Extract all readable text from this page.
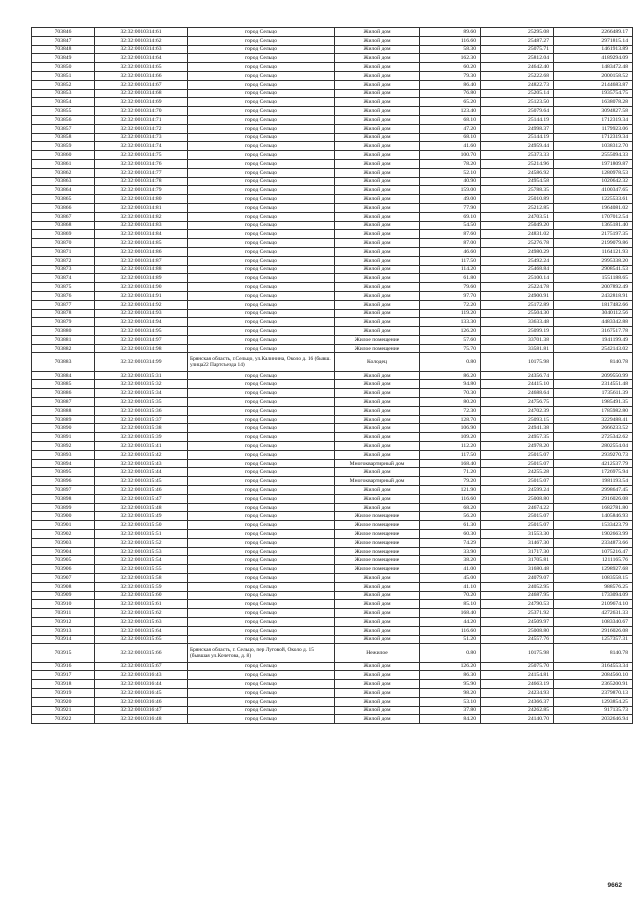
703846	32:32:0010314:61	город Сельцо	Жилой дом	89.60	25295.08	2266489.17
703847	32:32:0010314:62	город Сельцо	Жилой дом	116.60	25487.27	2971815.14
703848	32:32:0010314:63	город Сельцо	Жилой дом	58.30	25075.71	1461913.89
703849	32:32:0010314:64	город Сельцо	Жилой дом	162.30	25812.04	4189294.09
703850	32:32:0010314:65	город Сельцо	Жилой дом	60.20	24642.40	1483472.48
703851	32:32:0010314:66	город Сельцо	Жилой дом	79.30	25222.68	2000158.52
703852	32:32:0010314:67	город Сельцо	Жилой дом	86.40	24822.73	2144683.87
703853	32:32:0010314:68	город Сельцо	Жилой дом	76.80	25205.14	1935754.75
703854	32:32:0010314:69	город Сельцо	Жилой дом	65.20	25123.50	1638078.28
703855	32:32:0010314:70	город Сельцо	Жилой дом	123.40	25079.64	3094827.58
703856	32:32:0010314:71	город Сельцо	Жилой дом	68.10	25144.19	1712319.34
703857	32:32:0010314:72	город Сельцо	Жилой дом	47.20	24998.37	1179923.06
703858	32:32:0010314:73	город Сельцо	Жилой дом	68.10	25144.19	1712319.34
703859	32:32:0010314:74	город Сельцо	Жилой дом	41.60	24959.44	1038312.70
703860	32:32:0010314:75	город Сельцо	Жилой дом	100.70	25373.33	2555094.33
703861	32:32:0010314:76	город Сельцо	Жилой дом	78.20	25214.96	1971809.87
703862	32:32:0010314:77	город Сельцо	Жилой дом	52.10	24586.92	1280978.53
703863	32:32:0010314:78	город Сельцо	Жилой дом	40.90	24954.58	1020642.32
703864	32:32:0010314:79	город Сельцо	Жилой дом	159.00	25788.35	4100347.65
703865	32:32:0010314:80	город Сельцо	Жилой дом	49.00	25010.89	1225533.61
703866	32:32:0010314:81	город Сельцо	Жилой дом	77.90	25212.85	1964081.02
703867	32:32:0010314:82	город Сельцо	Жилой дом	69.10	24703.51	1707012.54
703868	32:32:0010314:83	город Сельцо	Жилой дом	54.50	25049.20	1365181.40
703869	32:32:0010314:84	город Сельцо	Жилой дом	87.60	24831.02	2175197.35
703870	32:32:0010314:85	город Сельцо	Жилой дом	87.00	25276.78	2199079.86
703871	32:32:0010314:86	город Сельцо	Жилой дом	46.60	24980.29	1164121.93
703872	32:32:0010314:87	город Сельцо	Жилой дом	117.50	25492.24	2995338.20
703873	32:32:0010314:88	город Сельцо	Жилой дом	114.20	25468.84	2908541.53
703874	32:32:0010314:89	город Сельцо	Жилой дом	61.80	25100.14	1551188.65
703875	32:32:0010314:90	город Сельцо	Жилой дом	79.60	25224.78	2007892.49
703876	32:32:0010314:91	город Сельцо	Жилой дом	97.70	24900.91	2432818.91
703877	32:32:0010314:92	город Сельцо	Жилой дом	72.20	25172.89	1817482.66
703878	32:32:0010314:93	город Сельцо	Жилой дом	119.20	25504.30	3040112.56
703879	32:32:0010314:94	город Сельцо	Жилой дом	133.30	33633.48	4483342.88
703880	32:32:0010314:95	город Сельцо	Жилой дом	126.20	25099.19	3167517.78
703881	32:32:0010314:97	город Сельцо	Жилое помещение	57.60	33701.38	1941199.49
703882	32:32:0010314:98	город Сельцо	Жилое помещение	75.70	33581.81	2542143.02
703883	32:32:0010314:99	Брянская область, г.Сельцо, ул.Калинина, Около д. 16 (бывш. улица22 Партсъезда 14)	Колодец	0.80	10175.98	8140.78
703884	32:32:0010315:31	город Сельцо	Жилой дом	86.20	24356.74	2099550.99
703885	32:32:0010315:32	город Сельцо	Жилой дом	94.80	24415.10	2314551.48
703886	32:32:0010315:34	город Сельцо	Жилой дом	70.30	24688.64	1735611.39
703887	32:32:0010315:35	город Сельцо	Жилой дом	80.20	24756.75	1985491.35
703888	32:32:0010315:36	город Сельцо	Жилой дом	72.30	24702.39	1785982.80
703889	32:32:0010315:37	город Сельцо	Жилой дом	128.70	25093.15	3229488.41
703890	32:32:0010315:38	город Сельцо	Жилой дом	106.90	24941.38	2666233.52
703891	32:32:0010315:39	город Сельцо	Жилой дом	109.20	24957.35	2725342.62
703892	32:32:0010315:41	город Сельцо	Жилой дом	112.20	24978.20	2802554.04
703893	32:32:0010315:42	город Сельцо	Жилой дом	117.50	25015.07	2939270.73
703894	32:32:0010315:43	город Сельцо	Многоквартирный дом	168.40	25015.07	4212537.79
703895	32:32:0010315:44	город Сельцо	Жилой дом	71.20	24255.28	1726975.94
703896	32:32:0010315:45	город Сельцо	Многоквартирный дом	79.20	25015.07	1981193.54
703897	32:32:0010315:46	город Сельцо	Жилой дом	121.90	24599.24	2998647.45
703898	32:32:0010315:47	город Сельцо	Жилой дом	116.60	25008.80	2916026.08
703899	32:32:0010315:48	город Сельцо	Жилой дом	68.20	24674.22	1682781.80
703900	32:32:0010315:49	город Сельцо	Жилое помещение	56.20	25015.07	1405846.93
703901	32:32:0010315:50	город Сельцо	Жилое помещение	61.30	25015.07	1533423.79
703902	32:32:0010315:51	город Сельцо	Жилое помещение	60.30	31553.30	1902663.99
703903	32:32:0010315:52	город Сельцо	Жилое помещение	74.29	31467.30	2334873.66
703904	32:32:0010315:53	город Сельцо	Жилое помещение	33.90	31717.30	1075216.47
703905	32:32:0010315:54	город Сельцо	Жилое помещение	38.20	31705.81	1211165.76
703906	32:32:0010315:55	город Сельцо	Жилое помещение	41.00	31680.48	1298927.68
703907	32:32:0010315:58	город Сельцо	Жилой дом	45.00	24079.07	1083558.15
703908	32:32:0010315:59	город Сельцо	Жилой дом	41.10	24052.95	988576.25
703909	32:32:0010315:60	город Сельцо	Жилой дом	70.20	24687.95	1733094.09
703910	32:32:0010315:61	город Сельцо	Жилой дом	85.10	24790.53	2109674.10
703911	32:32:0010315:62	город Сельцо	Жилой дом	168.40	25371.92	4272631.33
703912	32:32:0010315:63	город Сельцо	Жилой дом	44.20	24509.97	1083340.67
703913	32:32:0010315:64	город Сельцо	Жилой дом	116.60	25008.80	2916026.08
703914	32:32:0010315:65	город Сельцо	Жилой дом	51.20	24557.76	1257357.31
703915	32:32:0010315:66	Брянская область, г. Сельцо, пер Луговой, Около д. 15 (бывшая ул.Кочетова, д. 8)	Нежилое	0.80	10175.98	8140.78
703916	32:32:0010315:67	город Сельцо	Жилой дом	126.20	25075.70	3164553.34
703917	32:32:0010316:43	город Сельцо	Жилой дом	86.30	24154.81	2084560.10
703918	32:32:0010316:44	город Сельцо	Жилой дом	95.90	24663.19	2365200.91
703919	32:32:0010316:45	город Сельцо	Жилой дом	98.20	24234.93	2379870.13
703920	32:32:0010316:46	город Сельцо	Жилой дом	53.10	24366.37	1293854.25
703921	32:32:0010316:47	город Сельцо	Жилой дом	37.80	24262.85	917135.73
703922	32:32:0010316:48	город Сельцо	Жилой дом	84.20	24140.70	2032646.94
9662
